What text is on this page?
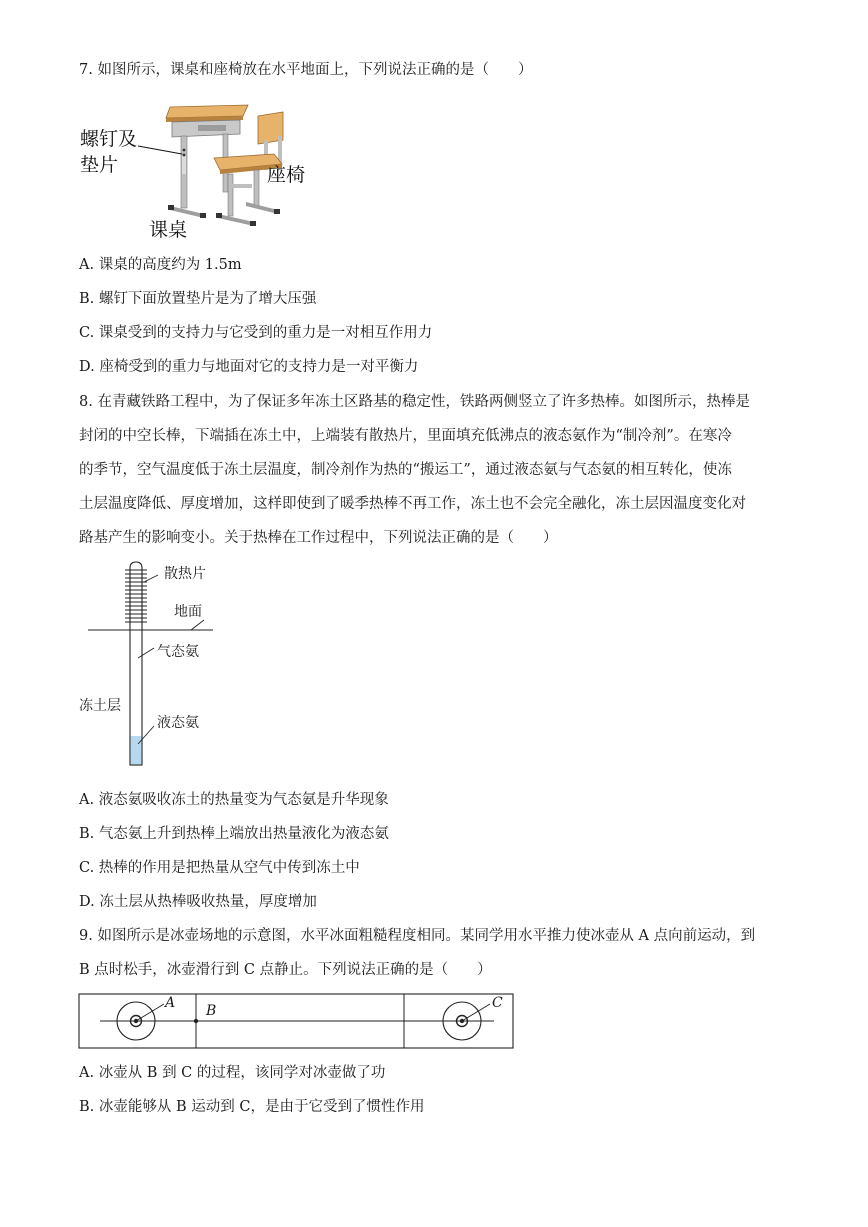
7. 如图所示，课桌和座椅放在水平地面上，下列说法正确的是（　　）
螺钉及
垫片	座椅
课桌
A. 课桌的高度约为 1.5m
B. 螺钉下面放置垫片是为了增大压强
C. 课桌受到的支持力与它受到的重力是一对相互作用力
D. 座椅受到的重力与地面对它的支持力是一对平衡力
8. 在青藏铁路工程中，为了保证多年冻土区路基的稳定性，铁路两侧竖立了许多热棒。如图所示，热棒是
封闭的中空长棒，下端插在冻土中，上端装有散热片，里面填充低沸点的液态氨作为“制冷剂”。在寒冷
的季节，空气温度低于冻土层温度，制冷剂作为热的“搬运工”，通过液态氨与气态氨的相互转化，使冻
土层温度降低、厚度增加，这样即使到了暖季热棒不再工作，冻土也不会完全融化，冻土层因温度变化对
路基产生的影响变小。关于热棒在工作过程中，下列说法正确的是（　　）
散热片
地面
气态氨
冻土层
液态氨
A. 液态氨吸收冻土的热量变为气态氨是升华现象
B. 气态氨上升到热棒上端放出热量液化为液态氨
C. 热棒的作用是把热量从空气中传到冻土中
D. 冻土层从热棒吸收热量，厚度增加
9. 如图所示是冰壶场地的示意图，水平冰面粗糙程度相同。某同学用水平推力使冰壶从 A 点向前运动，到
B 点时松手，冰壶滑行到 C 点静止。下列说法正确的是（　　）
A B	C
A. 冰壶从 B 到 C 的过程，该同学对冰壶做了功
B. 冰壶能够从 B 运动到 C，是由于它受到了惯性作用
